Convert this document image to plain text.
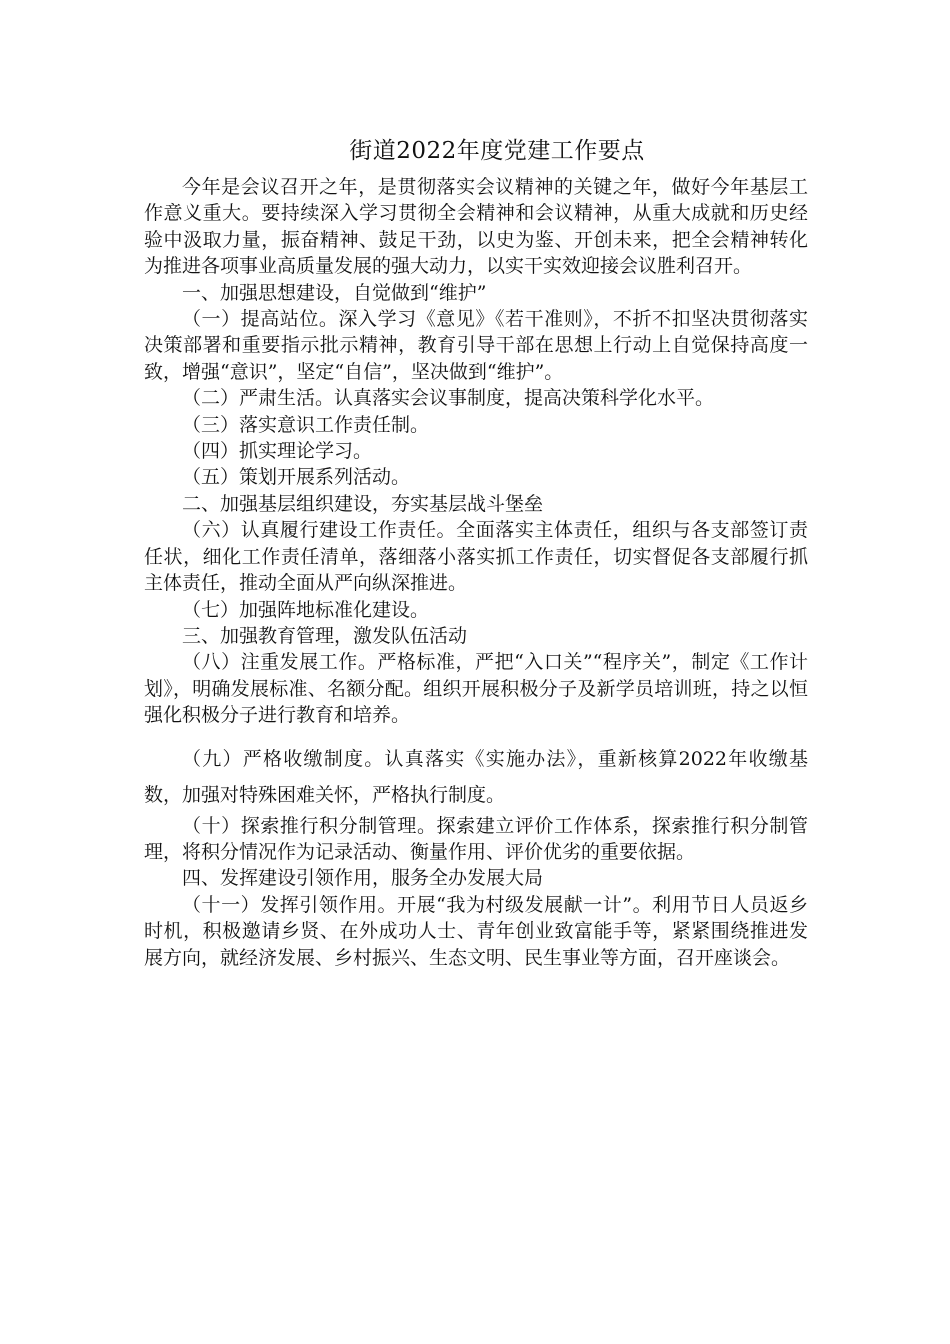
街道2022年度党建工作要点

今年是会议召开之年，是贯彻落实会议精神的关键之年，做好今年基层工作意义重大。要持续深入学习贯彻全会精神和会议精神，从重大成就和历史经验中汲取力量，振奋精神、鼓足干劲，以史为鉴、开创未来，把全会精神转化为推进各项事业高质量发展的强大动力，以实干实效迎接会议胜利召开。

一、加强思想建设，自觉做到“维护”

（一）提高站位。深入学习《意见》《若干准则》，不折不扣坚决贯彻落实决策部署和重要指示批示精神，教育引导干部在思想上行动上自觉保持高度一致，增强“意识”，坚定“自信”，坚决做到“维护”。

（二）严肃生活。认真落实会议事制度，提高决策科学化水平。

（三）落实意识工作责任制。

（四）抓实理论学习。

（五）策划开展系列活动。

二、加强基层组织建设，夯实基层战斗堡垒

（六）认真履行建设工作责任。全面落实主体责任，组织与各支部签订责任状，细化工作责任清单，落细落小落实抓工作责任，切实督促各支部履行抓主体责任，推动全面从严向纵深推进。

（七）加强阵地标准化建设。

三、加强教育管理，激发队伍活动

（八）注重发展工作。严格标准，严把“入口关”“程序关”，制定《工作计划》，明确发展标准、名额分配。组织开展积极分子及新学员培训班，持之以恒强化积极分子进行教育和培养。

（九）严格收缴制度。认真落实《实施办法》，重新核算2022年收缴基数，加强对特殊困难关怀，严格执行制度。

（十）探索推行积分制管理。探索建立评价工作体系，探索推行积分制管理，将积分情况作为记录活动、衡量作用、评价优劣的重要依据。

四、发挥建设引领作用，服务全办发展大局

（十一）发挥引领作用。开展“我为村级发展献一计”。利用节日人员返乡时机，积极邀请乡贤、在外成功人士、青年创业致富能手等，紧紧围绕推进发展方向，就经济发展、乡村振兴、生态文明、民生事业等方面，召开座谈会。
